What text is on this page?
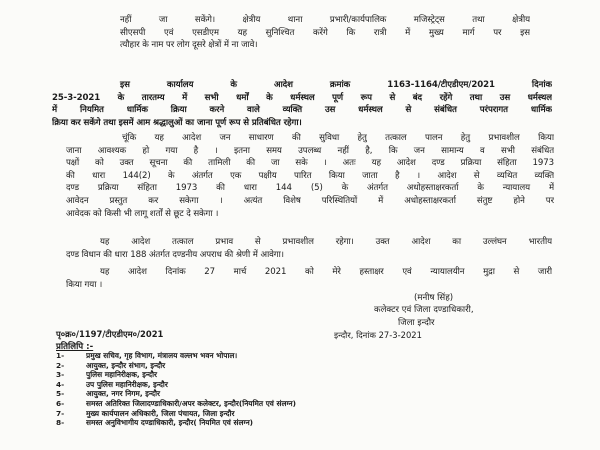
नहीं जा सकेंगे। क्षेत्रीय थाना प्रभारी/कार्यपालिक मजिस्ट्रेट्स तथा क्षेत्रीय
सीएसपी एवं एसडीएम यह सुनिश्चित करेंगे कि रात्री में मुख्य मार्ग पर इस
त्यौहार के नाम पर लोग दूसरे क्षेत्रों में ना जावे।
इस कार्यालय के आदेश क्रमांक 1163-1164/टीएडीएम/2021 दिनांक
25-3-2021 के तारतम्य में सभी धर्मों के धर्मस्थल पूर्ण रूप से बंद रहेंगे तथा उस धर्मस्थल
में नियमित धार्मिक क्रिया करने वाले व्यक्ति उस धर्मस्थल से संबंधित परंपरागत धार्मिक
क्रिया कर सकेंगे तथा इसमें आम श्रद्धालुओं का जाना पूर्ण रूप से प्रतिबंधित रहेगा।
चूंकि यह आदेश जन साधारण की सुविधा हेतु तत्काल पालन हेतु प्रभावशील किया
जाना आवश्यक हो गया है । इतना समय उपलब्ध नहीं है, कि जन सामान्य व सभी संबंधित
पक्षों को उक्त सूचना की तामिली की जा सके । अतः यह आदेश दण्ड प्रक्रिया संहिता 1973
की धारा 144(2) के अंतर्गत एक पक्षीय पारित किया जाता है । आदेश से व्यथित व्यक्ति
दण्ड प्रक्रिया संहिता 1973 की धारा 144 (5) के अंतर्गत अधोहस्ताक्षरकर्ता के न्यायालय में
आवेदन प्रस्तुत कर सकेगा । अत्यंत विशेष परिस्थितियों में अधोहस्ताक्षरकर्ता संतुष्ट होने पर
आवेदक को किसी भी लागू शर्तों से छूट दे सकेगा ।
यह आदेश तत्काल प्रभाव से प्रभावशील रहेगा। उक्त आदेश का उल्लंघन भारतीय
दण्ड विधान की धारा 188 अंतर्गत दण्डनीय अपराध की श्रेणी में आवेगा।
यह आदेश दिनांक 27 मार्च 2021 को मेरे हस्ताक्षर एवं न्यायालयीन मुद्रा से जारी
किया गया ।
(मनीष सिंह)
कलेक्टर एवं जिला दण्डाधिकारी,
जिला इन्दौर
पृ०क्र०/1197/टीएडीएम०/2021	इन्दौर, दिनांक 27-3-2021
प्रतिलिपि :-
1-	प्रमुख सचिव, गृह विभाग, मंत्रालय वल्लभ भवन भोपाल।
2-	आयुक्त, इन्दौर संभाग, इन्दौर
3-	पुलिस महानिरीक्षक, इन्दौर
4-	उप पुलिस महानिरीक्षक, इन्दौर
5-	आयुक्त, नगर निगम, इन्दौर
6-	समस्त अतिरिक्त जिलादण्डाधिकारी/अपर कलेक्टर, इन्दौर(नियमित एवं संलग्न)
7-	मुख्य कार्यपालन अधिकारी, जिला पंचायत, जिला इन्दौर
8-	समस्त अनुविभागीय दण्डाधिकारी, इन्दौर( नियमित एवं संलग्न)
